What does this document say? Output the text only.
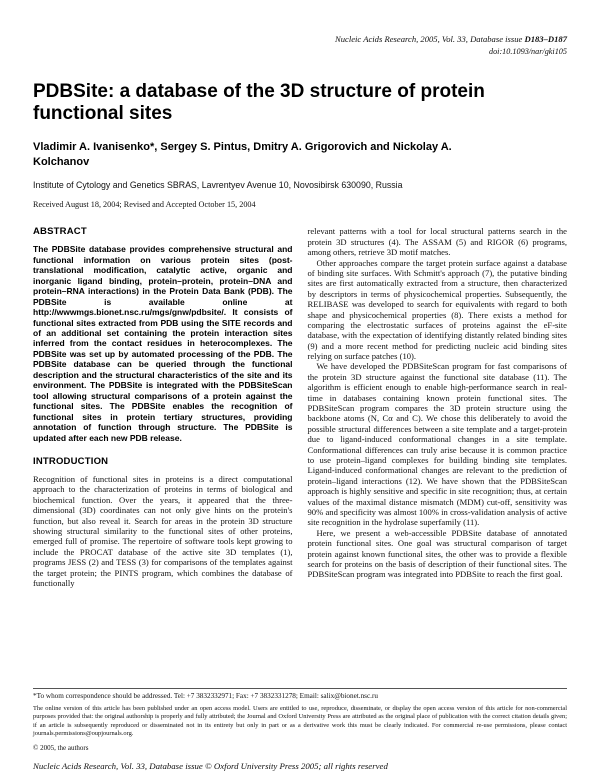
Nucleic Acids Research, 2005, Vol. 33, Database issue D183–D187
doi:10.1093/nar/gki105
PDBSite: a database of the 3D structure of protein functional sites
Vladimir A. Ivanisenko*, Sergey S. Pintus, Dmitry A. Grigorovich and Nickolay A. Kolchanov
Institute of Cytology and Genetics SBRAS, Lavrentyev Avenue 10, Novosibirsk 630090, Russia
Received August 18, 2004; Revised and Accepted October 15, 2004
ABSTRACT

The PDBSite database provides comprehensive structural and functional information on various protein sites (post-translational modification, catalytic active, organic and inorganic ligand binding, protein–protein, protein–DNA and protein–RNA interactions) in the Protein Data Bank (PDB). The PDBSite is available online at http://wwwmgs.bionet.nsc.ru/mgs/gnw/pdbsite/. It consists of functional sites extracted from PDB using the SITE records and of an additional set containing the protein interaction sites inferred from the contact residues in heterocomplexes. The PDBSite was set up by automated processing of the PDB. The PDBSite database can be queried through the functional description and the structural characteristics of the site and its environment. The PDBSite is integrated with the PDBSiteScan tool allowing structural comparisons of a protein against the functional sites. The PDBSite enables the recognition of functional sites in protein tertiary structures, providing annotation of function through structure. The PDBSite is updated after each new PDB release.

INTRODUCTION

Recognition of functional sites in proteins is a direct computational approach to the characterization of proteins in terms of biological and biochemical function. Over the years, it appeared that the three-dimensional (3D) coordinates can not only give hints on the protein's function, but also reveal it. Search for areas in the protein 3D structure showing structural similarity to the functional sites of other proteins, emerged full of promise. The repertoire of software tools kept growing to include the PROCAT database of the active site 3D templates (1), programs JESS (2) and TESS (3) for comparisons of the templates against the target protein; the PINTS program, which combines the database of functionally

relevant patterns with a tool for local structural patterns search in the protein 3D structures (4). The ASSAM (5) and RIGOR (6) programs, among others, retrieve 3D motif matches.

Other approaches compare the target protein surface against a database of binding site surfaces. With Schmitt's approach (7), the putative binding sites are first automatically extracted from a structure, then characterized by descriptors in terms of physicochemical properties. Subsequently, the RELIBASE was developed to search for equivalents with regard to both shape and physicochemical properties (8). There exists a method for comparing the electrostatic surfaces of proteins against the eF-site database, with the expectation of identifying distantly related binding sites (9) and a more recent method for predicting nucleic acid binding sites relying on surface patches (10).

We have developed the PDBSiteScan program for fast comparisons of the protein 3D structure against the functional site database (11). The algorithm is efficient enough to enable high-performance search in real-time in databases containing known protein functional sites. The PDBSiteScan program compares the 3D protein structure using the backbone atoms (N, Cα and C). We chose this deliberately to avoid the possible structural differences between a site template and a target-protein due to ligand-induced conformational changes in a site template. Conformational differences can truly arise because it is common practice to use protein–ligand complexes for building binding site templates. Ligand-induced conformational changes are relevant to the prediction of protein–ligand interactions (12). We have shown that the PDBSiteScan approach is highly sensitive and specific in site recognition; thus, at certain values of the maximal distance mismatch (MDM) cut-off, sensitivity was 90% and specificity was almost 100% in cross-validation analysis of active site recognition in the hydrolase superfamily (11).

Here, we present a web-accessible PDBSite database of annotated protein functional sites. One goal was structural comparison of target protein against known functional sites, the other was to provide a flexible search for proteins on the basis of description of their functional sites. The PDBSiteScan program was integrated into PDBSite to reach the first goal.

*To whom correspondence should be addressed. Tel: +7 3832332971; Fax: +7 3832331278; Email: salix@bionet.nsc.ru
The online version of this article has been published under an open access model. Users are entitled to use, reproduce, disseminate, or display the open access version of this article for non-commercial purposes provided that: the original authorship is properly and fully attributed; the Journal and Oxford University Press are attributed as the original place of publication with the correct citation details given; if an article is subsequently reproduced or disseminated not in its entirety but only in part or as a derivative work this must be clearly indicated. For commercial re-use permissions, please contact journals.permissions@oupjournals.org.
© 2005, the authors
Nucleic Acids Research, Vol. 33, Database issue © Oxford University Press 2005; all rights reserved
